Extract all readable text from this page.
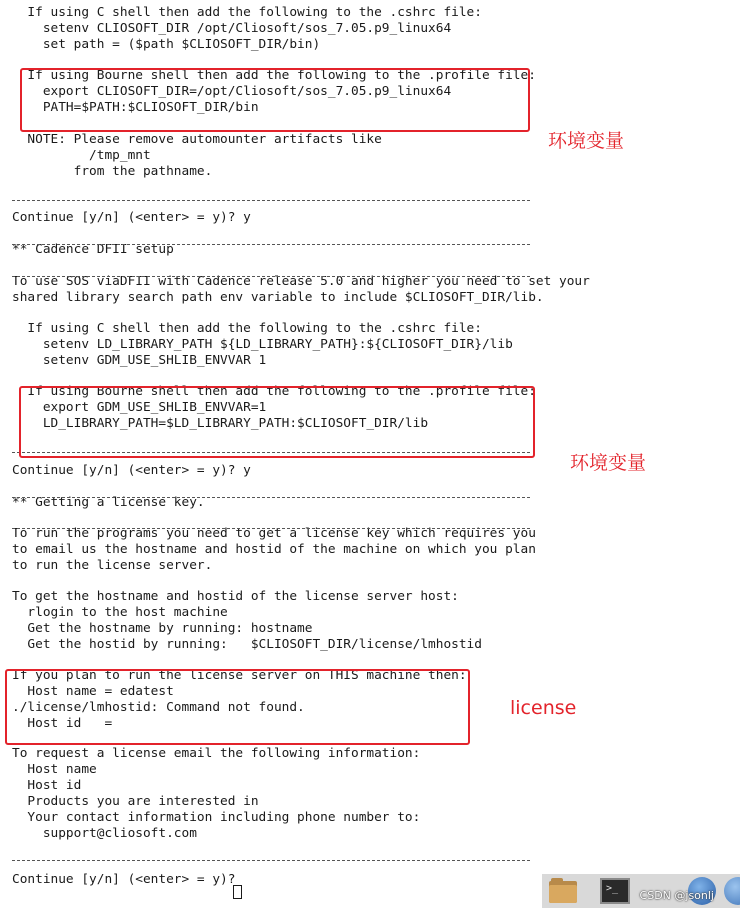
If using C shell then add the following to the .cshrc file:
setenv CLIOSOFT_DIR /opt/Cliosoft/sos_7.05.p9_linux64
set path = ($path $CLIOSOFT_DIR/bin)
If using Bourne shell then add the following to the .profile file:
export CLIOSOFT_DIR=/opt/Cliosoft/sos_7.05.p9_linux64
PATH=$PATH:$CLIOSOFT_DIR/bin
NOTE: Please remove automounter artifacts like
/tmp_mnt
from the pathname.
Continue [y/n] (<enter> = y)? y
** Cadence DFII setup
To use SOS viaDFII with Cadence release 5.0 and higher you need to set your
shared library search path env variable to include $CLIOSOFT_DIR/lib.
If using C shell then add the following to the .cshrc file:
setenv LD_LIBRARY_PATH ${LD_LIBRARY_PATH}:${CLIOSOFT_DIR}/lib
setenv GDM_USE_SHLIB_ENVVAR 1
If using Bourne shell then add the following to the .profile file:
export GDM_USE_SHLIB_ENVVAR=1
LD_LIBRARY_PATH=$LD_LIBRARY_PATH:$CLIOSOFT_DIR/lib
Continue [y/n] (<enter> = y)? y
** Getting a license key.
To run the programs you need to get a license key which requires you
to email us the hostname and hostid of the machine on which you plan
to run the license server.
To get the hostname and hostid of the license server host:
rlogin to the host machine
Get the hostname by running: hostname
Get the hostid by running:   $CLIOSOFT_DIR/license/lmhostid
If you plan to run the license server on THIS machine then:
Host name = edatest
./license/lmhostid: Command not found.
Host id   =
To request a license email the following information:
Host name
Host id
Products you are interested in
Your contact information including phone number to:
support@cliosoft.com
Continue [y/n] (<enter> = y)?
环境变量
环境变量
license
>_
CSDN @jsonlj
